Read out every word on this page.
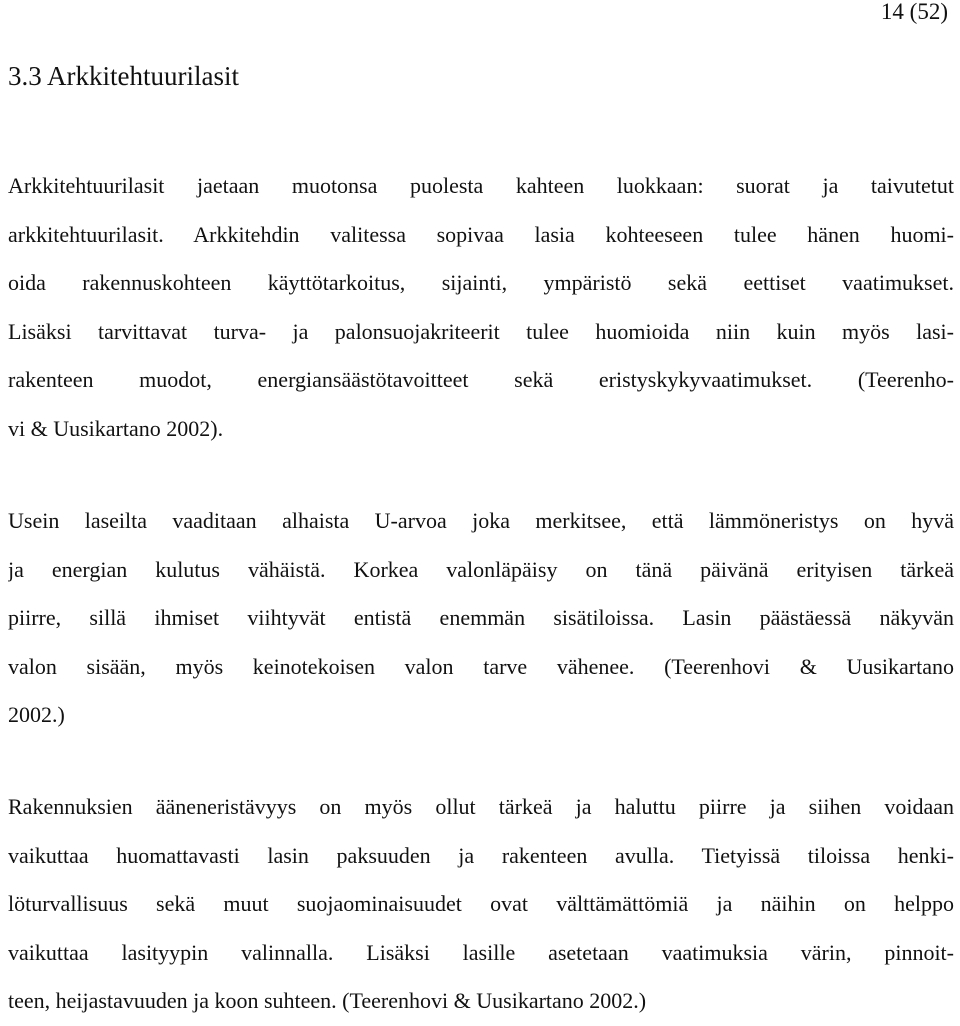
14 (52)
3.3 Arkkitehtuurilasit
Arkkitehtuurilasit jaetaan muotonsa puolesta kahteen luokkaan: suorat ja taivutetut
arkkitehtuurilasit. Arkkitehdin valitessa sopivaa lasia kohteeseen tulee hänen huomi-
oida rakennuskohteen käyttötarkoitus, sijainti, ympäristö sekä eettiset vaatimukset.
Lisäksi tarvittavat turva- ja palonsuojakriteerit tulee huomioida niin kuin myös lasi-
rakenteen muodot, energiansäästötavoitteet sekä eristyskykyvaatimukset. (Teerenho-
vi & Uusikartano 2002).
Usein laseilta vaaditaan alhaista U-arvoa joka merkitsee, että lämmöneristys on hyvä
ja energian kulutus vähäistä. Korkea valonläpäisy on tänä päivänä erityisen tärkeä
piirre, sillä ihmiset viihtyvät entistä enemmän sisätiloissa. Lasin päästäessä näkyvän
valon sisään, myös keinotekoisen valon tarve vähenee. (Teerenhovi & Uusikartano
2002.)
Rakennuksien ääneneristävyys on myös ollut tärkeä ja haluttu piirre ja siihen voidaan
vaikuttaa huomattavasti lasin paksuuden ja rakenteen avulla. Tietyissä tiloissa henki-
löturvallisuus sekä muut suojaominaisuudet ovat välttämättömiä ja näihin on helppo
vaikuttaa lasityypin valinnalla. Lisäksi lasille asetetaan vaatimuksia värin, pinnoit-
teen, heijastavuuden ja koon suhteen. (Teerenhovi & Uusikartano 2002.)
